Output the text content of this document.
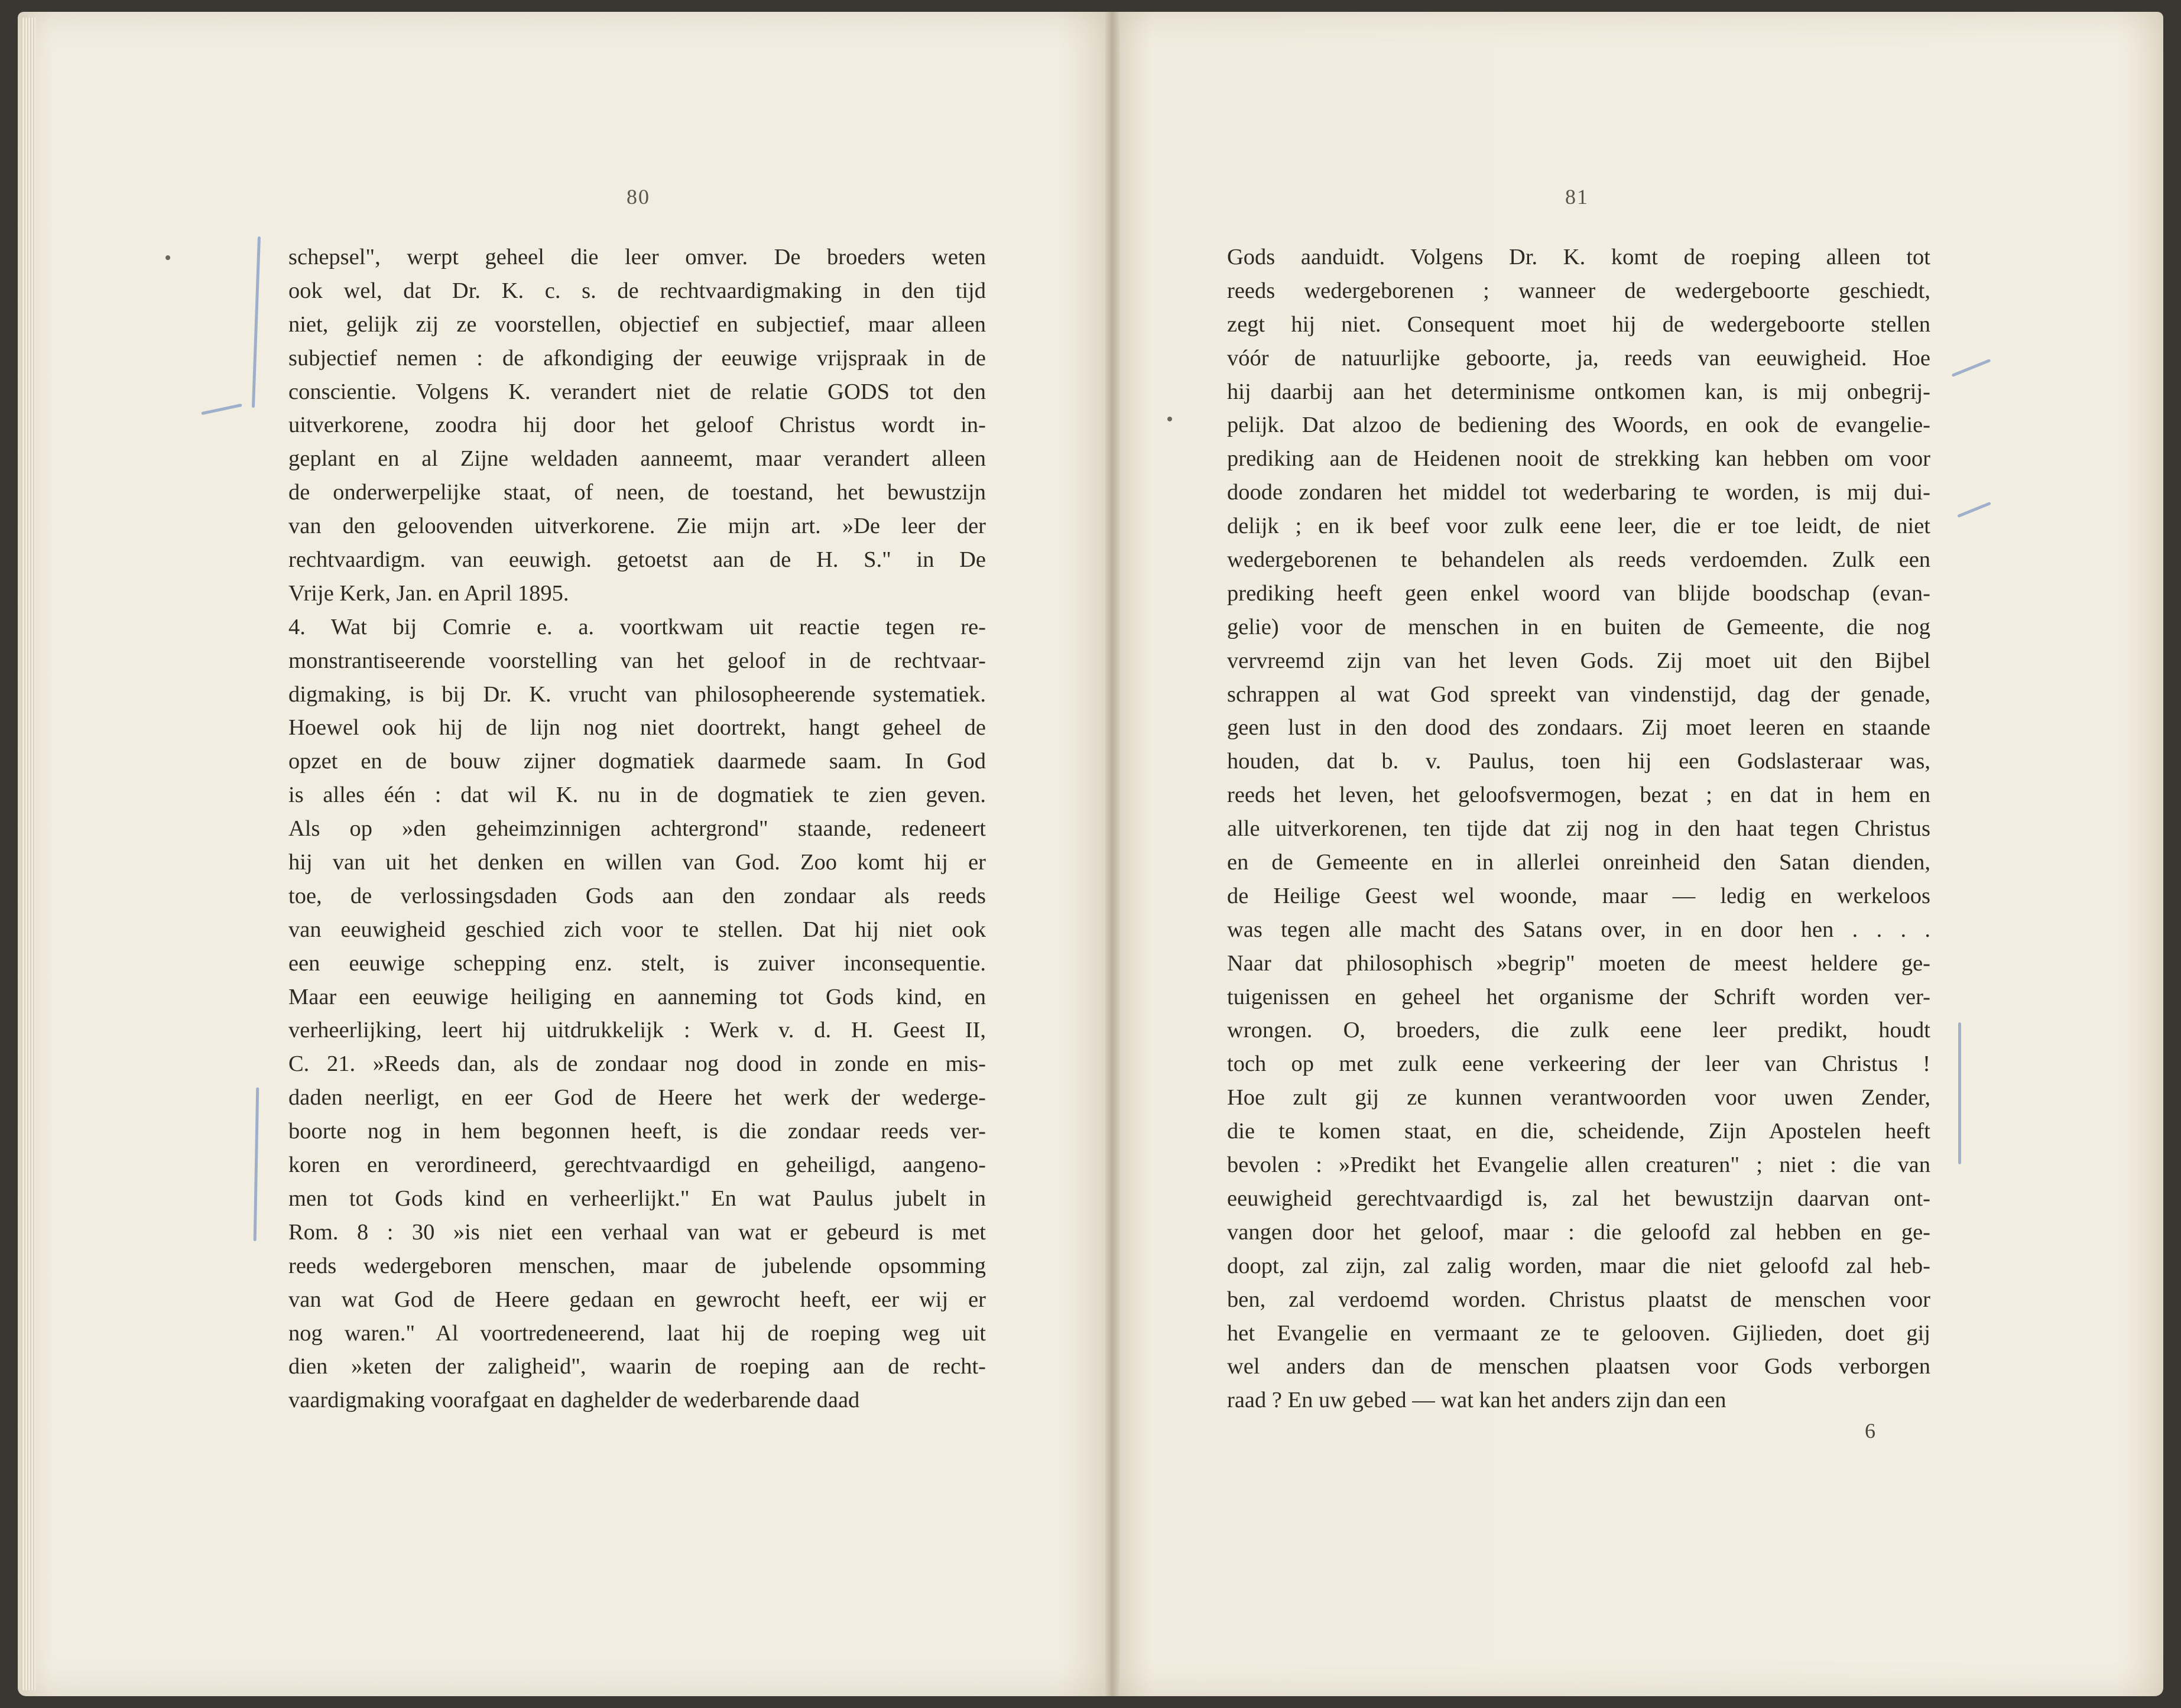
80	81
schepsel", werpt geheel die leer omver. De broeders weten
ook wel, dat Dr. K. c. s. de rechtvaardigmaking in den tijd
niet, gelijk zij ze voorstellen, objectief en subjectief, maar alleen
subjectief nemen : de afkondiging der eeuwige vrijspraak in de
conscientie. Volgens K. verandert niet de relatie GODS tot den
uitverkorene, zoodra hij door het geloof Christus wordt in-
geplant en al Zijne weldaden aanneemt, maar verandert alleen
de onderwerpelijke staat, of neen, de toestand, het bewustzijn
van den geloovenden uitverkorene. Zie mijn art. »De leer der
rechtvaardigm. van eeuwigh. getoetst aan de H. S." in De
Vrije Kerk, Jan. en April 1895.
4. Wat bij Comrie e. a. voortkwam uit reactie tegen re-
monstrantiseerende voorstelling van het geloof in de rechtvaar-
digmaking, is bij Dr. K. vrucht van philosopheerende systematiek.
Hoewel ook hij de lijn nog niet doortrekt, hangt geheel de
opzet en de bouw zijner dogmatiek daarmede saam. In God
is alles één : dat wil K. nu in de dogmatiek te zien geven.
Als op »den geheimzinnigen achtergrond" staande, redeneert
hij van uit het denken en willen van God. Zoo komt hij er
toe, de verlossingsdaden Gods aan den zondaar als reeds
van eeuwigheid geschied zich voor te stellen. Dat hij niet ook
een eeuwige schepping enz. stelt, is zuiver inconsequentie.
Maar een eeuwige heiliging en aanneming tot Gods kind, en
verheerlijking, leert hij uitdrukkelijk : Werk v. d. H. Geest II,
C. 21. »Reeds dan, als de zondaar nog dood in zonde en mis-
daden neerligt, en eer God de Heere het werk der wederge-
boorte nog in hem begonnen heeft, is die zondaar reeds ver-
koren en verordineerd, gerechtvaardigd en geheiligd, aangeno-
men tot Gods kind en verheerlijkt." En wat Paulus jubelt in
Rom. 8 : 30 »is niet een verhaal van wat er gebeurd is met
reeds wedergeboren menschen, maar de jubelende opsomming
van wat God de Heere gedaan en gewrocht heeft, eer wij er
nog waren." Al voortredeneerend, laat hij de roeping weg uit
dien »keten der zaligheid", waarin de roeping aan de recht-
vaardigmaking voorafgaat en daghelder de wederbarende daad
Gods aanduidt. Volgens Dr. K. komt de roeping alleen tot
reeds wedergeborenen ; wanneer de wedergeboorte geschiedt,
zegt hij niet. Consequent moet hij de wedergeboorte stellen
vóór de natuurlijke geboorte, ja, reeds van eeuwigheid. Hoe
hij daarbij aan het determinisme ontkomen kan, is mij onbegrij-
pelijk. Dat alzoo de bediening des Woords, en ook de evangelie-
prediking aan de Heidenen nooit de strekking kan hebben om voor
doode zondaren het middel tot wederbaring te worden, is mij dui-
delijk ; en ik beef voor zulk eene leer, die er toe leidt, de niet
wedergeborenen te behandelen als reeds verdoemden. Zulk een
prediking heeft geen enkel woord van blijde boodschap (evan-
gelie) voor de menschen in en buiten de Gemeente, die nog
vervreemd zijn van het leven Gods. Zij moet uit den Bijbel
schrappen al wat God spreekt van vindenstijd, dag der genade,
geen lust in den dood des zondaars. Zij moet leeren en staande
houden, dat b. v. Paulus, toen hij een Godslasteraar was,
reeds het leven, het geloofsvermogen, bezat ; en dat in hem en
alle uitverkorenen, ten tijde dat zij nog in den haat tegen Christus
en de Gemeente en in allerlei onreinheid den Satan dienden,
de Heilige Geest wel woonde, maar — ledig en werkeloos
was tegen alle macht des Satans over, in en door hen . . . .
Naar dat philosophisch »begrip" moeten de meest heldere ge-
tuigenissen en geheel het organisme der Schrift worden ver-
wrongen. O, broeders, die zulk eene leer predikt, houdt
toch op met zulk eene verkeering der leer van Christus !
Hoe zult gij ze kunnen verantwoorden voor uwen Zender,
die te komen staat, en die, scheidende, Zijn Apostelen heeft
bevolen : »Predikt het Evangelie allen creaturen" ; niet : die van
eeuwigheid gerechtvaardigd is, zal het bewustzijn daarvan ont-
vangen door het geloof, maar : die geloofd zal hebben en ge-
doopt, zal zijn, zal zalig worden, maar die niet geloofd zal heb-
ben, zal verdoemd worden. Christus plaatst de menschen voor
het Evangelie en vermaant ze te gelooven. Gijlieden, doet gij
wel anders dan de menschen plaatsen voor Gods verborgen
raad ? En uw gebed — wat kan het anders zijn dan een
6
